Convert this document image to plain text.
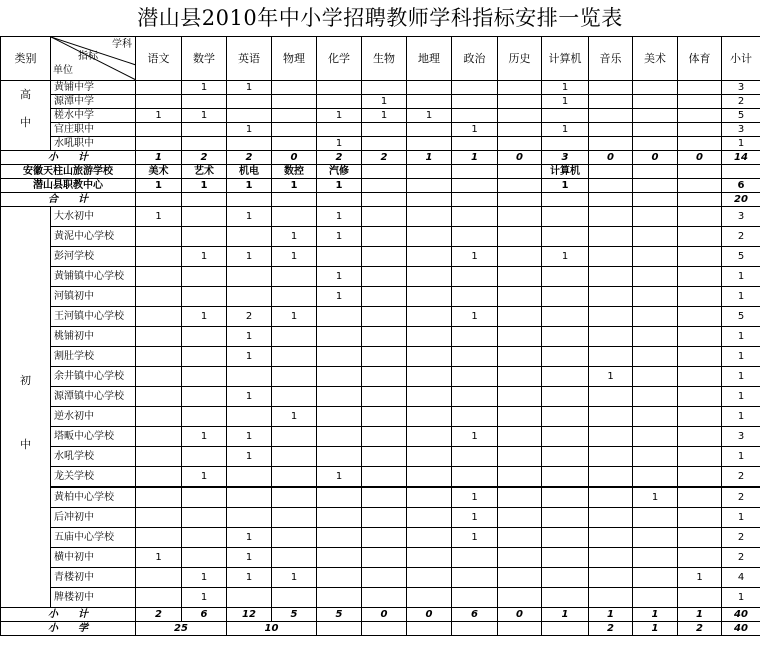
潜山县2010年中小学招聘教师学科指标安排一览表
类别	学科
指标
单位	语文	数学	英语	物理	化学	生物	地理	政治	历史	计算机	音乐	美术	体育	小计

高
中	黄铺中学		1	1							1				3
	源潭中学						1				1				2
	槎水中学	1	1			1	1	1							5
	官庄职中			1					1		1				3
	水吼职中					1									1
小　　计		1	2	2	0	2	2	1	1	0	3	0	0	0	14
安徽天柱山旅游学校		美术	艺术	机电	数控	汽修					计算机				
潜山县职教中心		1	1	1	1	1					1				6
合　　计															20

初
中	大水初中	1		1		1									3
	黄泥中心学校				1	1									2
	彭河学校		1	1	1				1		1				5
	黄铺镇中心学校					1									1
	河镇初中					1									1
	王河镇中心学校		1	2	1				1						5
	桃铺初中			1											1
	割肚学校			1											1
	余井镇中心学校											1			1
	源潭镇中心学校			1											1
	逆水初中				1										1
	塔畈中心学校		1	1					1						3
	水吼学校			1											1
	龙关学校		1			1									2
	黄柏中心学校								1				1		2
	后冲初中								1						1
	五庙中心学校			1					1						2
	横中初中	1		1											2
	青楼初中		1	1	1									1	4
	牌楼初中		1												1
小　　计		2	6	12	5	5	0	0	6	0	1	1	1	1	40
小　　学		25		10								2	1	2	40
